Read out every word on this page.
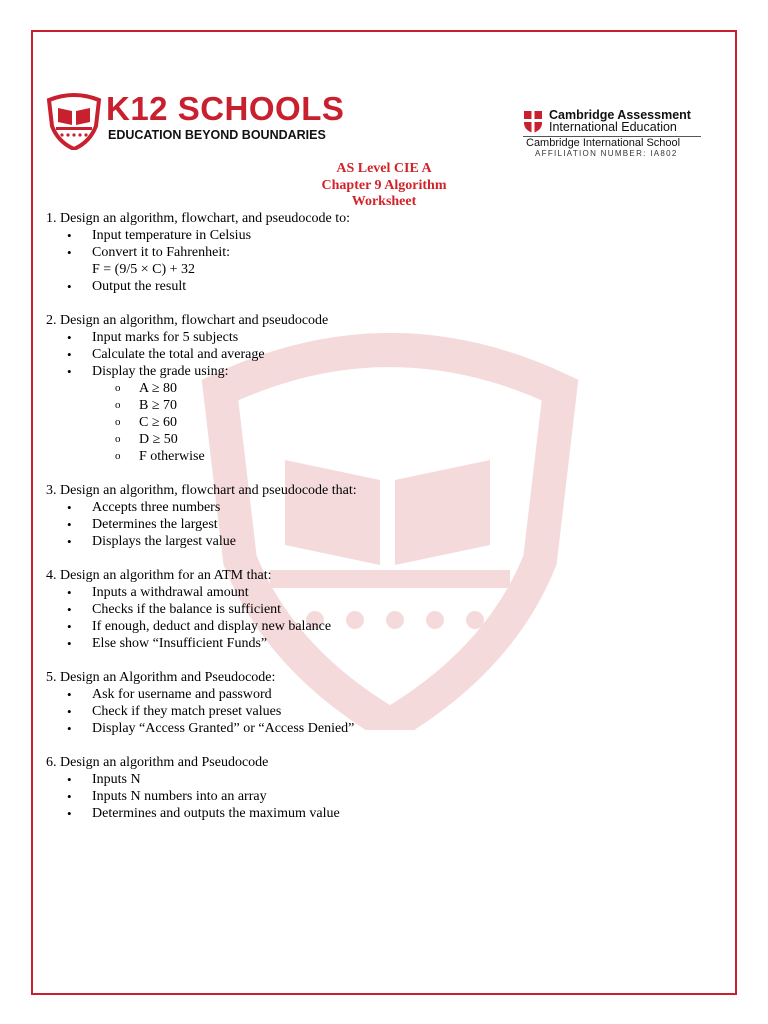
K12 SCHOOLS
EDUCATION BEYOND BOUNDARIES
Cambridge Assessment
International Education
Cambridge International School
AFFILIATION NUMBER: IA802
AS Level CIE A
Chapter 9 Algorithm
Worksheet
1. Design an algorithm, flowchart, and pseudocode to:
• Input temperature in Celsius
• Convert it to Fahrenheit:
F = (9/5 × C) + 32
• Output the result
2. Design an algorithm, flowchart and pseudocode
• Input marks for 5 subjects
• Calculate the total and average
• Display the grade using:
o A ≥ 80
o B ≥ 70
o C ≥ 60
o D ≥ 50
o F otherwise
3. Design an algorithm, flowchart and pseudocode that:
• Accepts three numbers
• Determines the largest
• Displays the largest value
4. Design an algorithm for an ATM that:
• Inputs a withdrawal amount
• Checks if the balance is sufficient
• If enough, deduct and display new balance
• Else show “Insufficient Funds”
5. Design an Algorithm and Pseudocode:
• Ask for username and password
• Check if they match preset values
• Display “Access Granted” or “Access Denied”
6. Design an algorithm and Pseudocode
• Inputs N
• Inputs N numbers into an array
• Determines and outputs the maximum value
